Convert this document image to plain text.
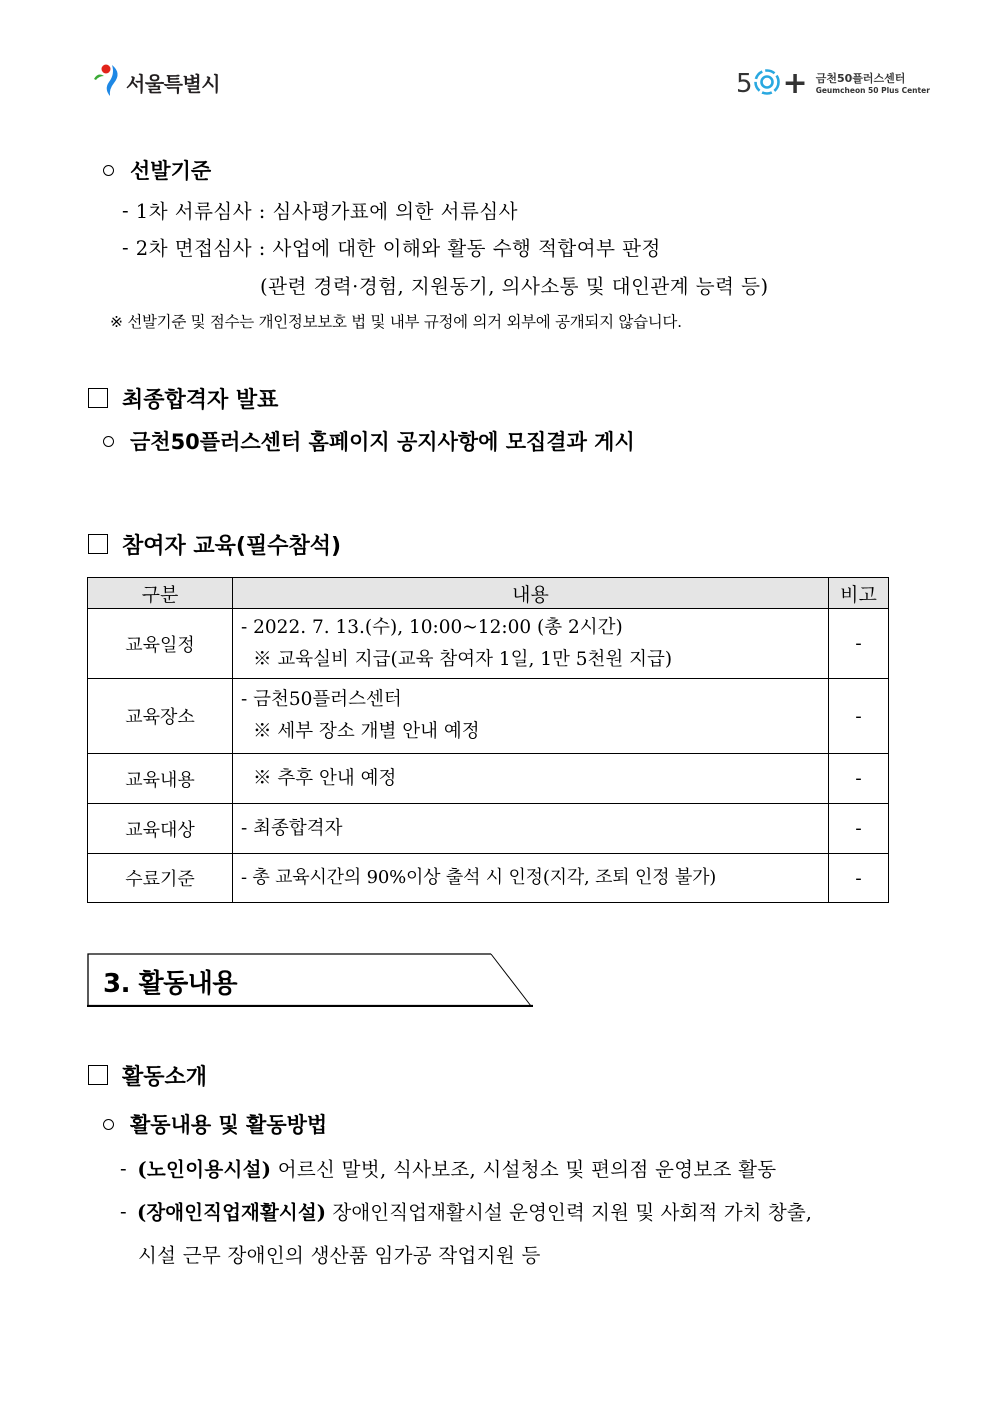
서울특별시	5 + 금천50플러스센터
Geumcheon 50 Plus Center
선발기준
-
1차 서류심사 : 심사평가표에 의한 서류심사
-
2차 면접심사 : 사업에 대한 이해와 활동 수행 적합여부 판정
(관련 경력·경험, 지원동기, 의사소통 및 대인관계 능력 등)
※ 선발기준 및 점수는 개인정보보호 법 및 내부 규정에 의거 외부에 공개되지 않습니다.
최종합격자 발표
금천50플러스센터 홈페이지 공지사항에 모집결과 게시
참여자 교육(필수참석)
구분	내용	비고
교육일정	- 2022. 7. 13.(수), 10:00~12:00 (총 2시간)
※ 교육실비 지급(교육 참여자 1일, 1만 5천원 지급)	-
교육장소	- 금천50플러스센터
※ 세부 장소 개별 안내 예정	-
교육내용	※ 추후 안내 예정	-
교육대상	- 최종합격자	-
수료기준	- 총 교육시간의 90%이상 출석 시 인정(지각, 조퇴 인정 불가)	-
3. 활동내용
활동소개
활동내용 및 활동방법
-
(노인이용시설) 어르신 말벗, 식사보조, 시설청소 및 편의점 운영보조 활동
-
(장애인직업재활시설) 장애인직업재활시설 운영인력 지원 및 사회적 가치 창출,
시설 근무 장애인의 생산품 임가공 작업지원 등
